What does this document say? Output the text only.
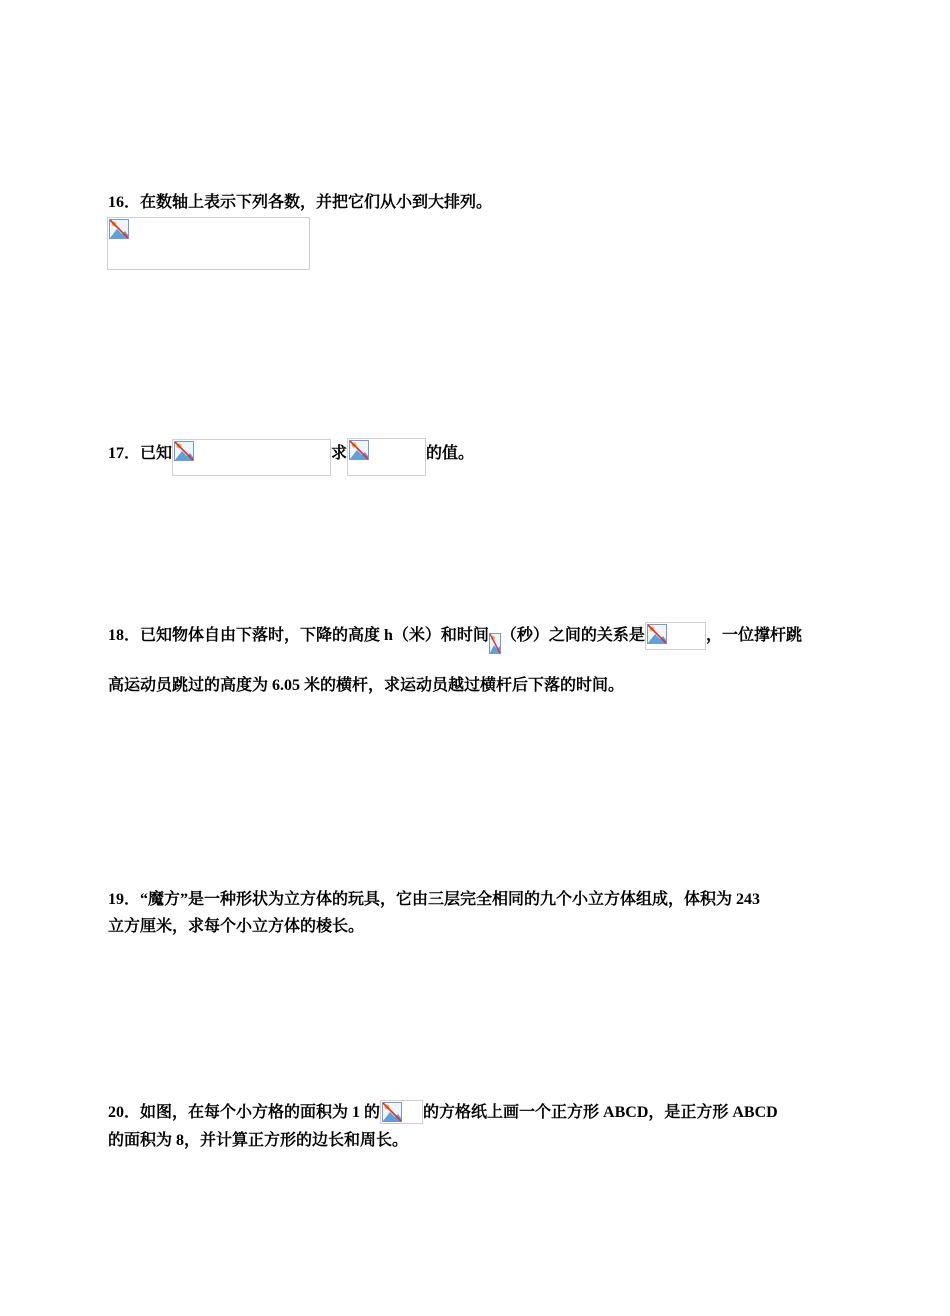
16．在数轴上表示下列各数，并把它们从小到大排列。
17．已知	求	的值。
18．已知物体自由下落时，下降的高度 h（米）和时间 （秒）之间的关系是	，一位撑杆跳
高运动员跳过的高度为 6.05 米的横杆，求运动员越过横杆后下落的时间。
19．“魔方”是一种形状为立方体的玩具，它由三层完全相同的九个小立方体组成，体积为 243
立方厘米，求每个小立方体的棱长。
20．如图，在每个小方格的面积为 1 的	的方格纸上画一个正方形 ABCD，是正方形 ABCD
的面积为 8，并计算正方形的边长和周长。
